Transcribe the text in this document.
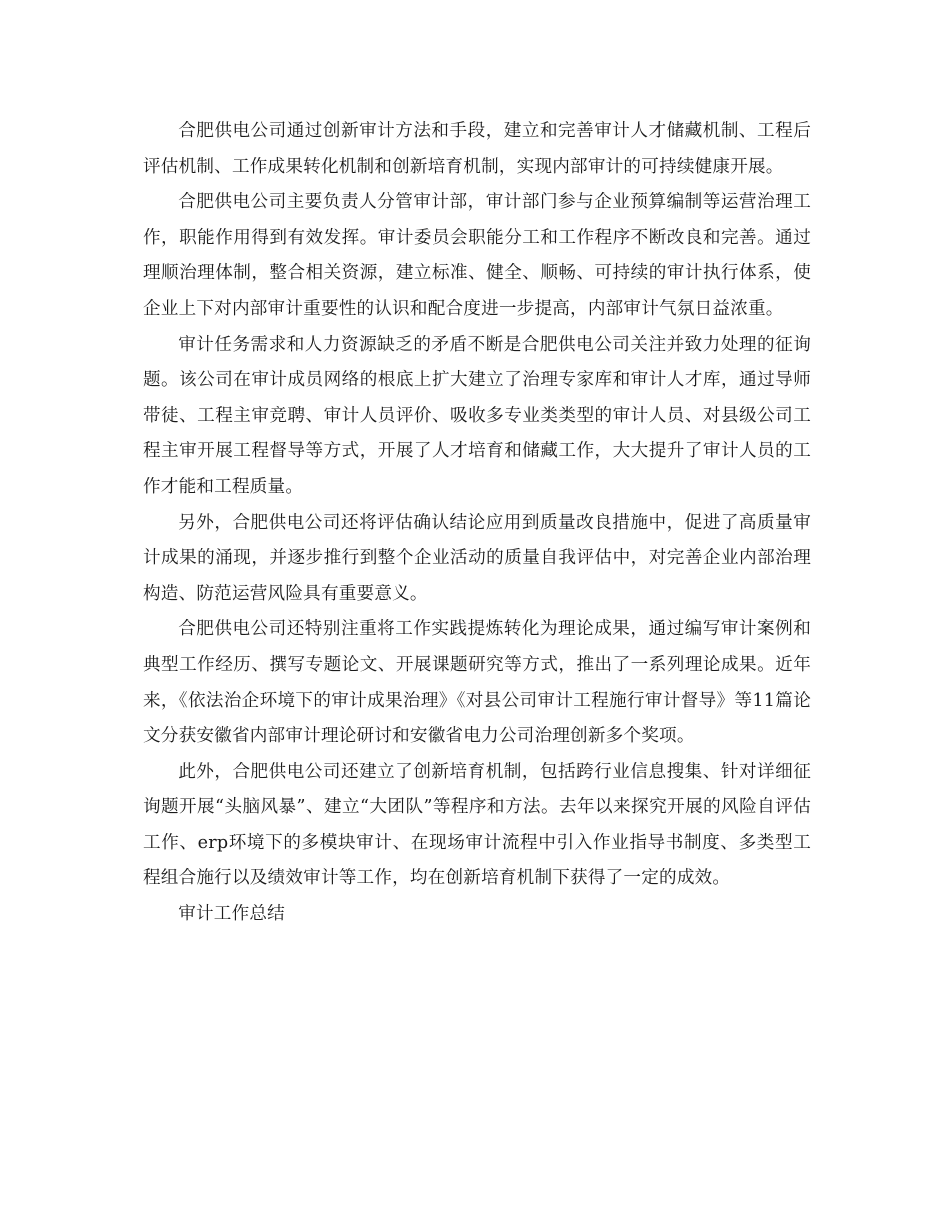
合肥供电公司通过创新审计方法和手段，建立和完善审计人才储藏机制、工程后评估机制、工作成果转化机制和创新培育机制，实现内部审计的可持续健康开展。

合肥供电公司主要负责人分管审计部，审计部门参与企业预算编制等运营治理工作，职能作用得到有效发挥。审计委员会职能分工和工作程序不断改良和完善。通过理顺治理体制，整合相关资源，建立标准、健全、顺畅、可持续的审计执行体系，使企业上下对内部审计重要性的认识和配合度进一步提高，内部审计气氛日益浓重。

审计任务需求和人力资源缺乏的矛盾不断是合肥供电公司关注并致力处理的征询题。该公司在审计成员网络的根底上扩大建立了治理专家库和审计人才库，通过导师带徒、工程主审竞聘、审计人员评价、吸收多专业类类型的审计人员、对县级公司工程主审开展工程督导等方式，开展了人才培育和储藏工作，大大提升了审计人员的工作才能和工程质量。

另外，合肥供电公司还将评估确认结论应用到质量改良措施中，促进了高质量审计成果的涌现，并逐步推行到整个企业活动的质量自我评估中，对完善企业内部治理构造、防范运营风险具有重要意义。

合肥供电公司还特别注重将工作实践提炼转化为理论成果，通过编写审计案例和典型工作经历、撰写专题论文、开展课题研究等方式，推出了一系列理论成果。近年来，《依法治企环境下的审计成果治理》《对县公司审计工程施行审计督导》等11篇论文分获安徽省内部审计理论研讨和安徽省电力公司治理创新多个奖项。

此外，合肥供电公司还建立了创新培育机制，包括跨行业信息搜集、针对详细征询题开展“头脑风暴”、建立“大团队”等程序和方法。去年以来探究开展的风险自评估工作、erp环境下的多模块审计、在现场审计流程中引入作业指导书制度、多类型工程组合施行以及绩效审计等工作，均在创新培育机制下获得了一定的成效。

审计工作总结
